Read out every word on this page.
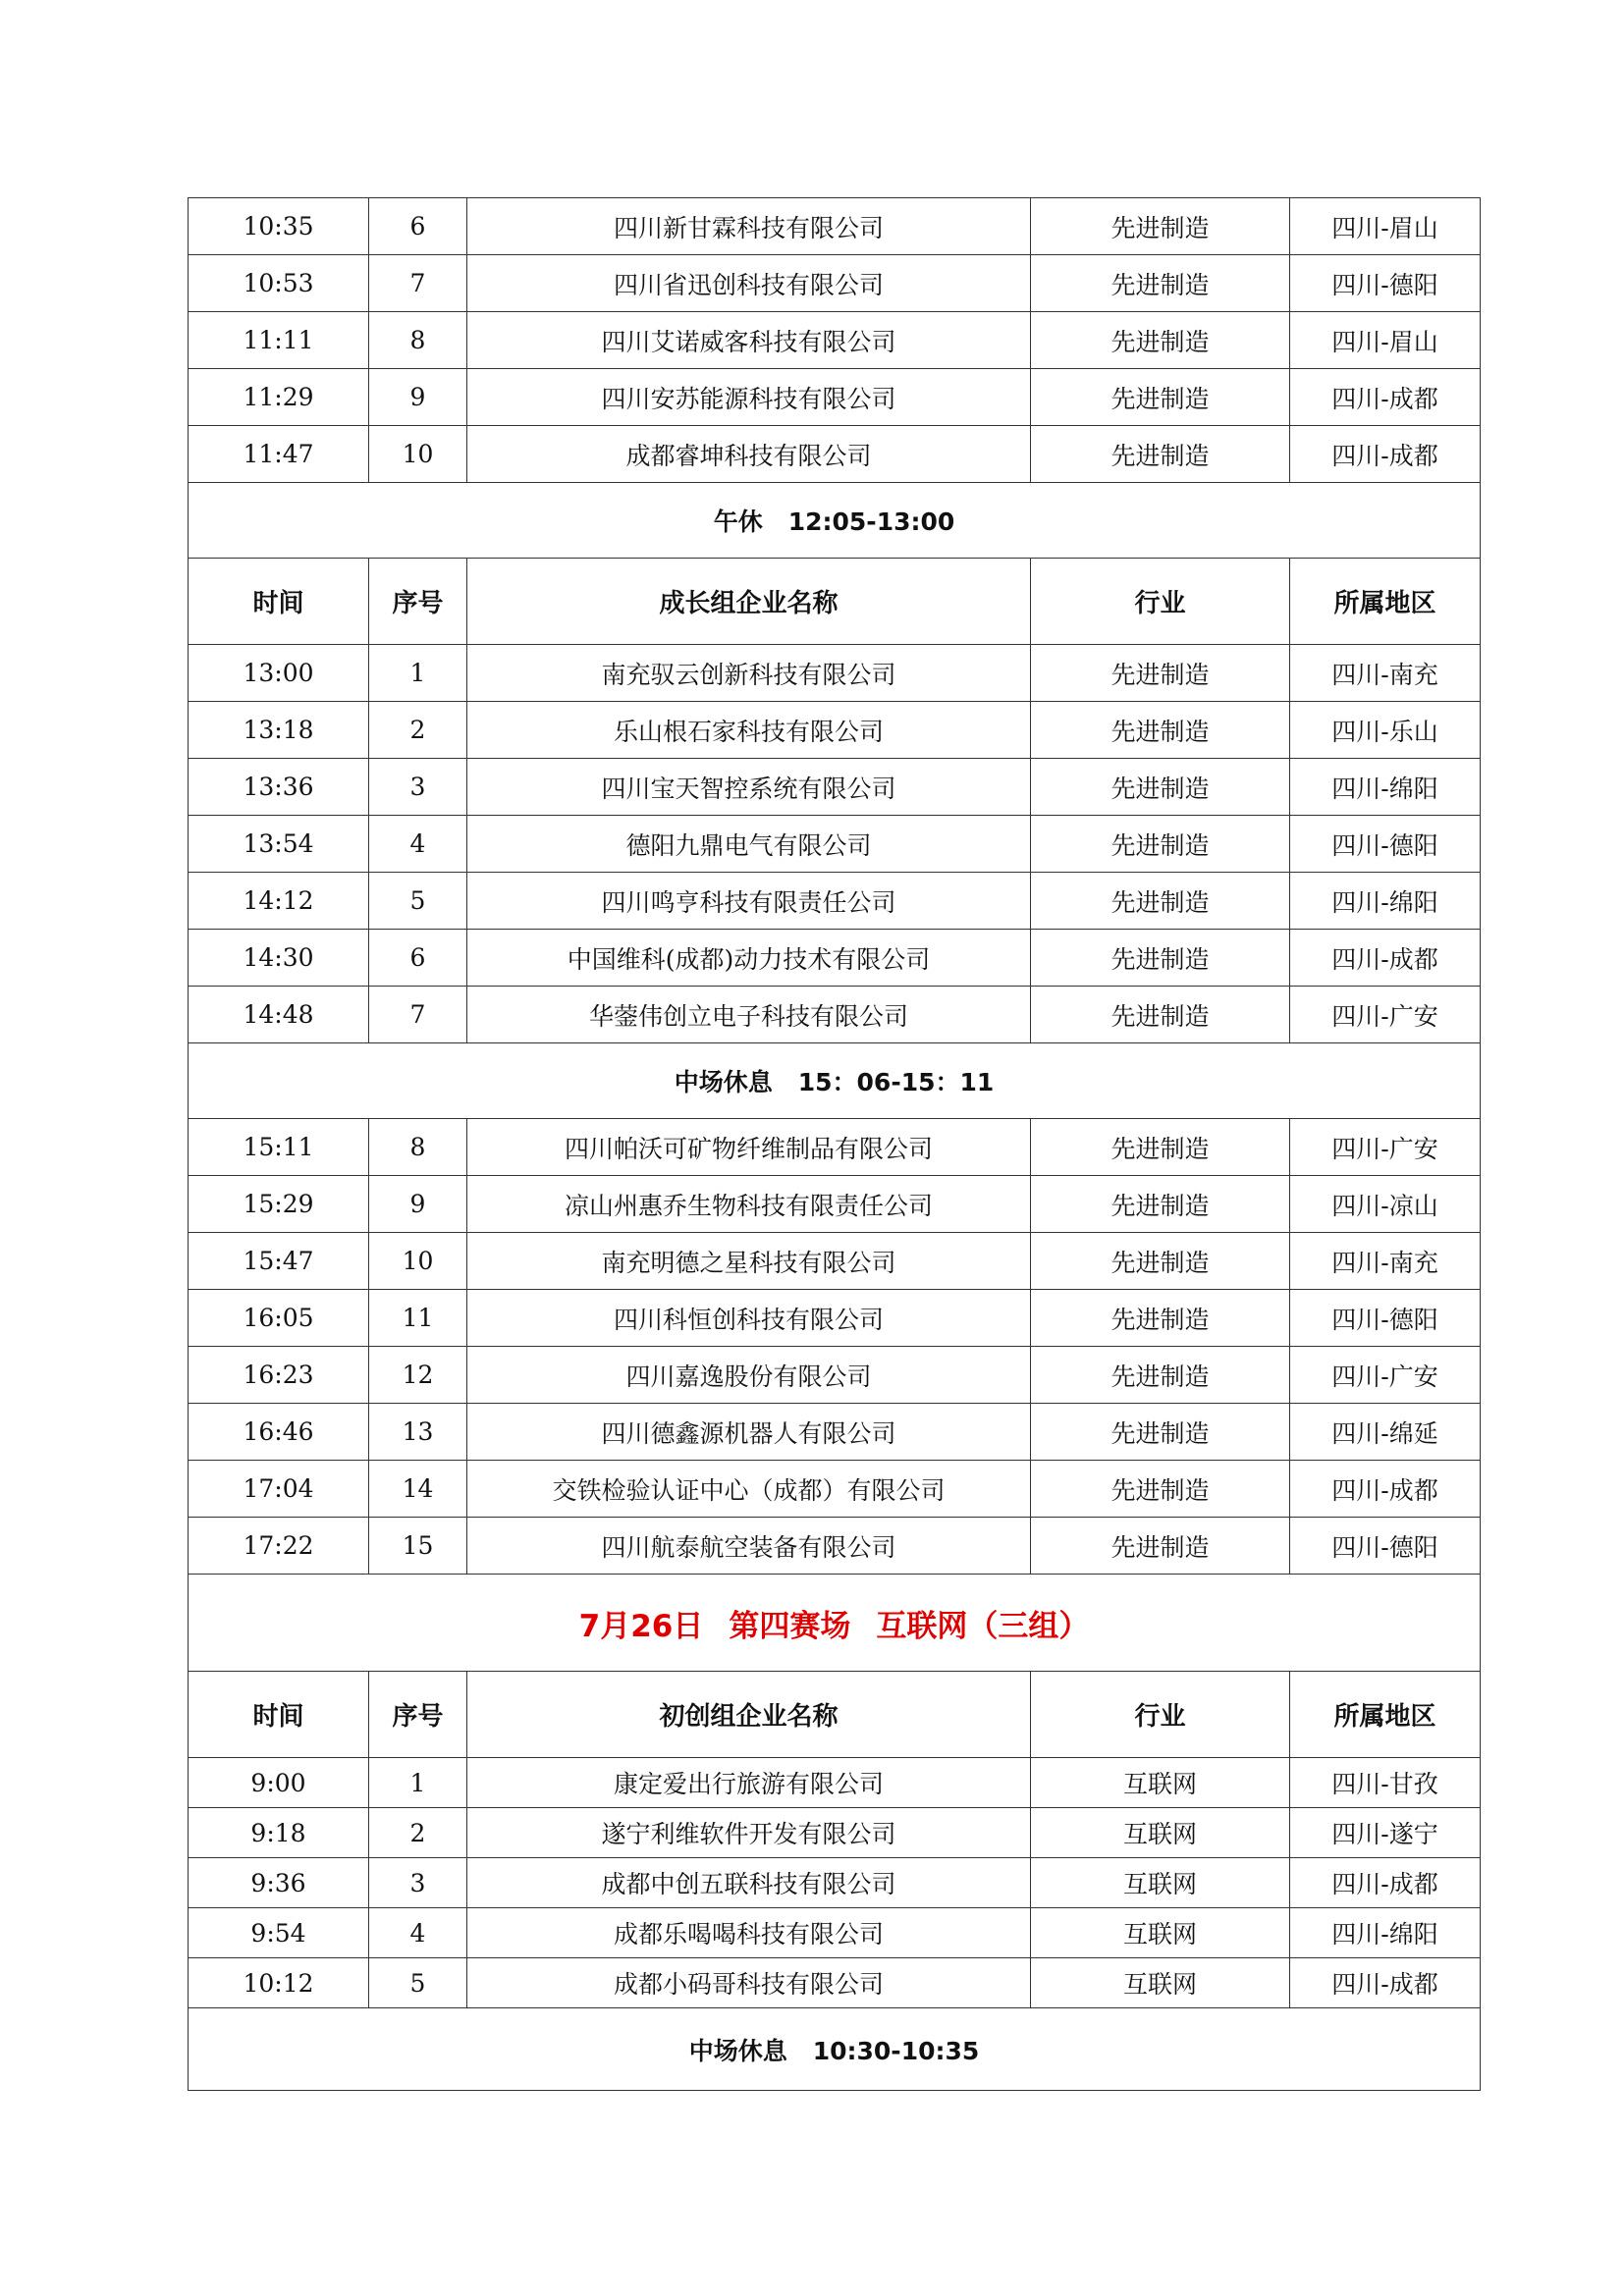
10:35	6	四川新甘霖科技有限公司	先进制造	四川-眉山
10:53	7	四川省迅创科技有限公司	先进制造	四川-德阳
11:11	8	四川艾诺威客科技有限公司	先进制造	四川-眉山
11:29	9	四川安苏能源科技有限公司	先进制造	四川-成都
11:47	10	成都睿坤科技有限公司	先进制造	四川-成都
午休 12:05-13:00				
时间	序号	成长组企业名称	行业	所属地区
13:00	1	南充驭云创新科技有限公司	先进制造	四川-南充
13:18	2	乐山根石家科技有限公司	先进制造	四川-乐山
13:36	3	四川宝天智控系统有限公司	先进制造	四川-绵阳
13:54	4	德阳九鼎电气有限公司	先进制造	四川-德阳
14:12	5	四川鸣亨科技有限责任公司	先进制造	四川-绵阳
14:30	6	中国维科(成都)动力技术有限公司	先进制造	四川-成都
14:48	7	华蓥伟创立电子科技有限公司	先进制造	四川-广安
中场休息 15：06-15：11				
15:11	8	四川帕沃可矿物纤维制品有限公司	先进制造	四川-广安
15:29	9	凉山州惠乔生物科技有限责任公司	先进制造	四川-凉山
15:47	10	南充明德之星科技有限公司	先进制造	四川-南充
16:05	11	四川科恒创科技有限公司	先进制造	四川-德阳
16:23	12	四川嘉逸股份有限公司	先进制造	四川-广安
16:46	13	四川德鑫源机器人有限公司	先进制造	四川-绵延
17:04	14	交铁检验认证中心（成都）有限公司	先进制造	四川-成都
17:22	15	四川航泰航空装备有限公司	先进制造	四川-德阳
7月26日 第四赛场 互联网（三组）				
时间	序号	初创组企业名称	行业	所属地区
9:00	1	康定爱出行旅游有限公司	互联网	四川-甘孜
9:18	2	遂宁利维软件开发有限公司	互联网	四川-遂宁
9:36	3	成都中创五联科技有限公司	互联网	四川-成都
9:54	4	成都乐喝喝科技有限公司	互联网	四川-绵阳
10:12	5	成都小码哥科技有限公司	互联网	四川-成都
中场休息 10:30-10:35				
